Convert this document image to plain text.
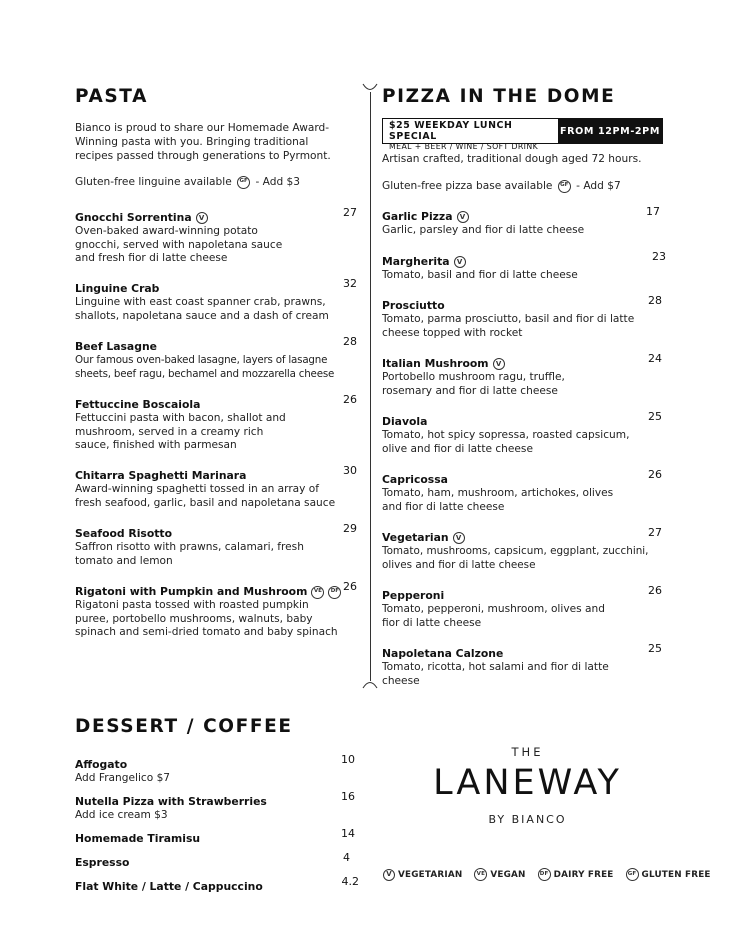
PASTA
Bianco is proud to share our Homemade Award-Winning pasta with you. Bringing traditional recipes passed through generations to Pyrmont.
Gluten-free linguine available GF - Add $3
Gnocchi Sorrentina	V
Oven-baked award-winning potato gnocchi, served with napoletana sauce and fresh fior di latte cheese
27
Linguine Crab
Linguine with east coast spanner crab, prawns, shallots, napoletana sauce and a dash of cream
32
Beef Lasagne
Our famous oven-baked lasagne, layers of lasagne sheets, beef ragu, bechamel and mozzarella cheese
28
Fettuccine Boscaiola
Fettuccini pasta with bacon, shallot and mushroom, served in a creamy rich sauce, finished with parmesan
26
Chitarra Spaghetti Marinara
Award-winning spaghetti tossed in an array of fresh seafood, garlic, basil and napoletana sauce
30
Seafood Risotto
Saffron risotto with prawns, calamari, fresh tomato and lemon
29
Rigatoni with Pumpkin and Mushroom	VE	DF
Rigatoni pasta tossed with roasted pumpkin puree, portobello mushrooms, walnuts, baby spinach and semi-dried tomato and baby spinach
26
PIZZA IN THE DOME
$25 WEEKDAY LUNCH SPECIAL
MEAL + BEER / WINE / SOFT DRINK
FROM 12PM-2PM
Artisan crafted, traditional dough aged 72 hours.
Gluten-free pizza base available GF - Add $7
Garlic Pizza	V
Garlic, parsley and fior di latte cheese
17
Margherita	V
Tomato, basil and fior di latte cheese
23
Prosciutto
Tomato, parma prosciutto, basil and fior di latte cheese topped with rocket
28
Italian Mushroom	V
Portobello mushroom ragu, truffle, rosemary and fior di latte cheese
24
Diavola
Tomato, hot spicy sopressa, roasted capsicum, olive and fior di latte cheese
25
Capricossa
Tomato, ham, mushroom, artichokes, olives and fior di latte cheese
26
Vegetarian	V
Tomato, mushrooms, capsicum, eggplant, zucchini, olives and fior di latte cheese
27
Pepperoni
Tomato, pepperoni, mushroom, olives and fior di latte cheese
26
Napoletana Calzone
Tomato, ricotta, hot salami and fior di latte cheese
25
DESSERT / COFFEE
Affogato
Add Frangelico $7
10
Nutella Pizza with Strawberries
Add ice cream $3
16
Homemade Tiramisu	14
Espresso	4
Flat White / Latte / Cappuccino	4.2
THE
LANEWAY
BY BIANCO
V VEGETARIAN	VE VEGAN	DF DAIRY FREE	GF GLUTEN FREE
